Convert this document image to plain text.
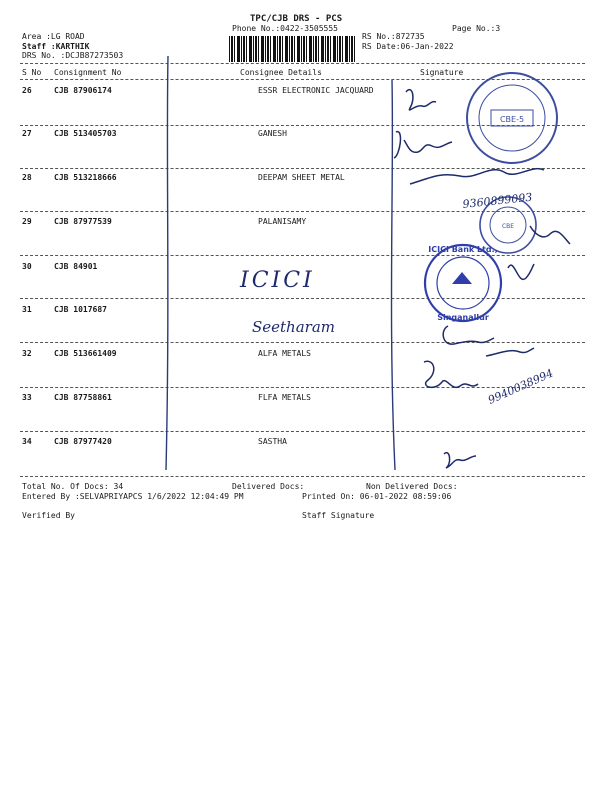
TPC/CJB DRS - PCS
Phone No.:0422-3505555	Page No.:3
Area :LG ROAD
Staff :KARTHIK
DRS No. :DCJB87273503
RS No.:872735
RS Date:06-Jan-2022
S No Consignment No	Consignee Details	Signature
26	CJB 87906174	ESSR ELECTRONIC JACQUARD
27	CJB 513405703	GANESH
28	CJB 513218666	DEEPAM SHEET METAL
29	CJB 87977539	PALANISAMY
30	CJB 84901
31	CJB 1017687
32	CJB 513661409	ALFA METALS
33	CJB 87758861	FLFA METALS
34	CJB 87977420	SASTHA
CBE-5
CBE
ICICI Bank Ltd.,
Singanallur
ICICI
Seetharam
9940038994
9360899093
Total No. Of Docs: 34	Delivered Docs:	Non Delivered Docs:
Entered By :SELVAPRIYAPCS 1/6/2022 12:04:49 PM	Printed On: 06-01-2022 08:59:06
Verified By	Staff Signature
